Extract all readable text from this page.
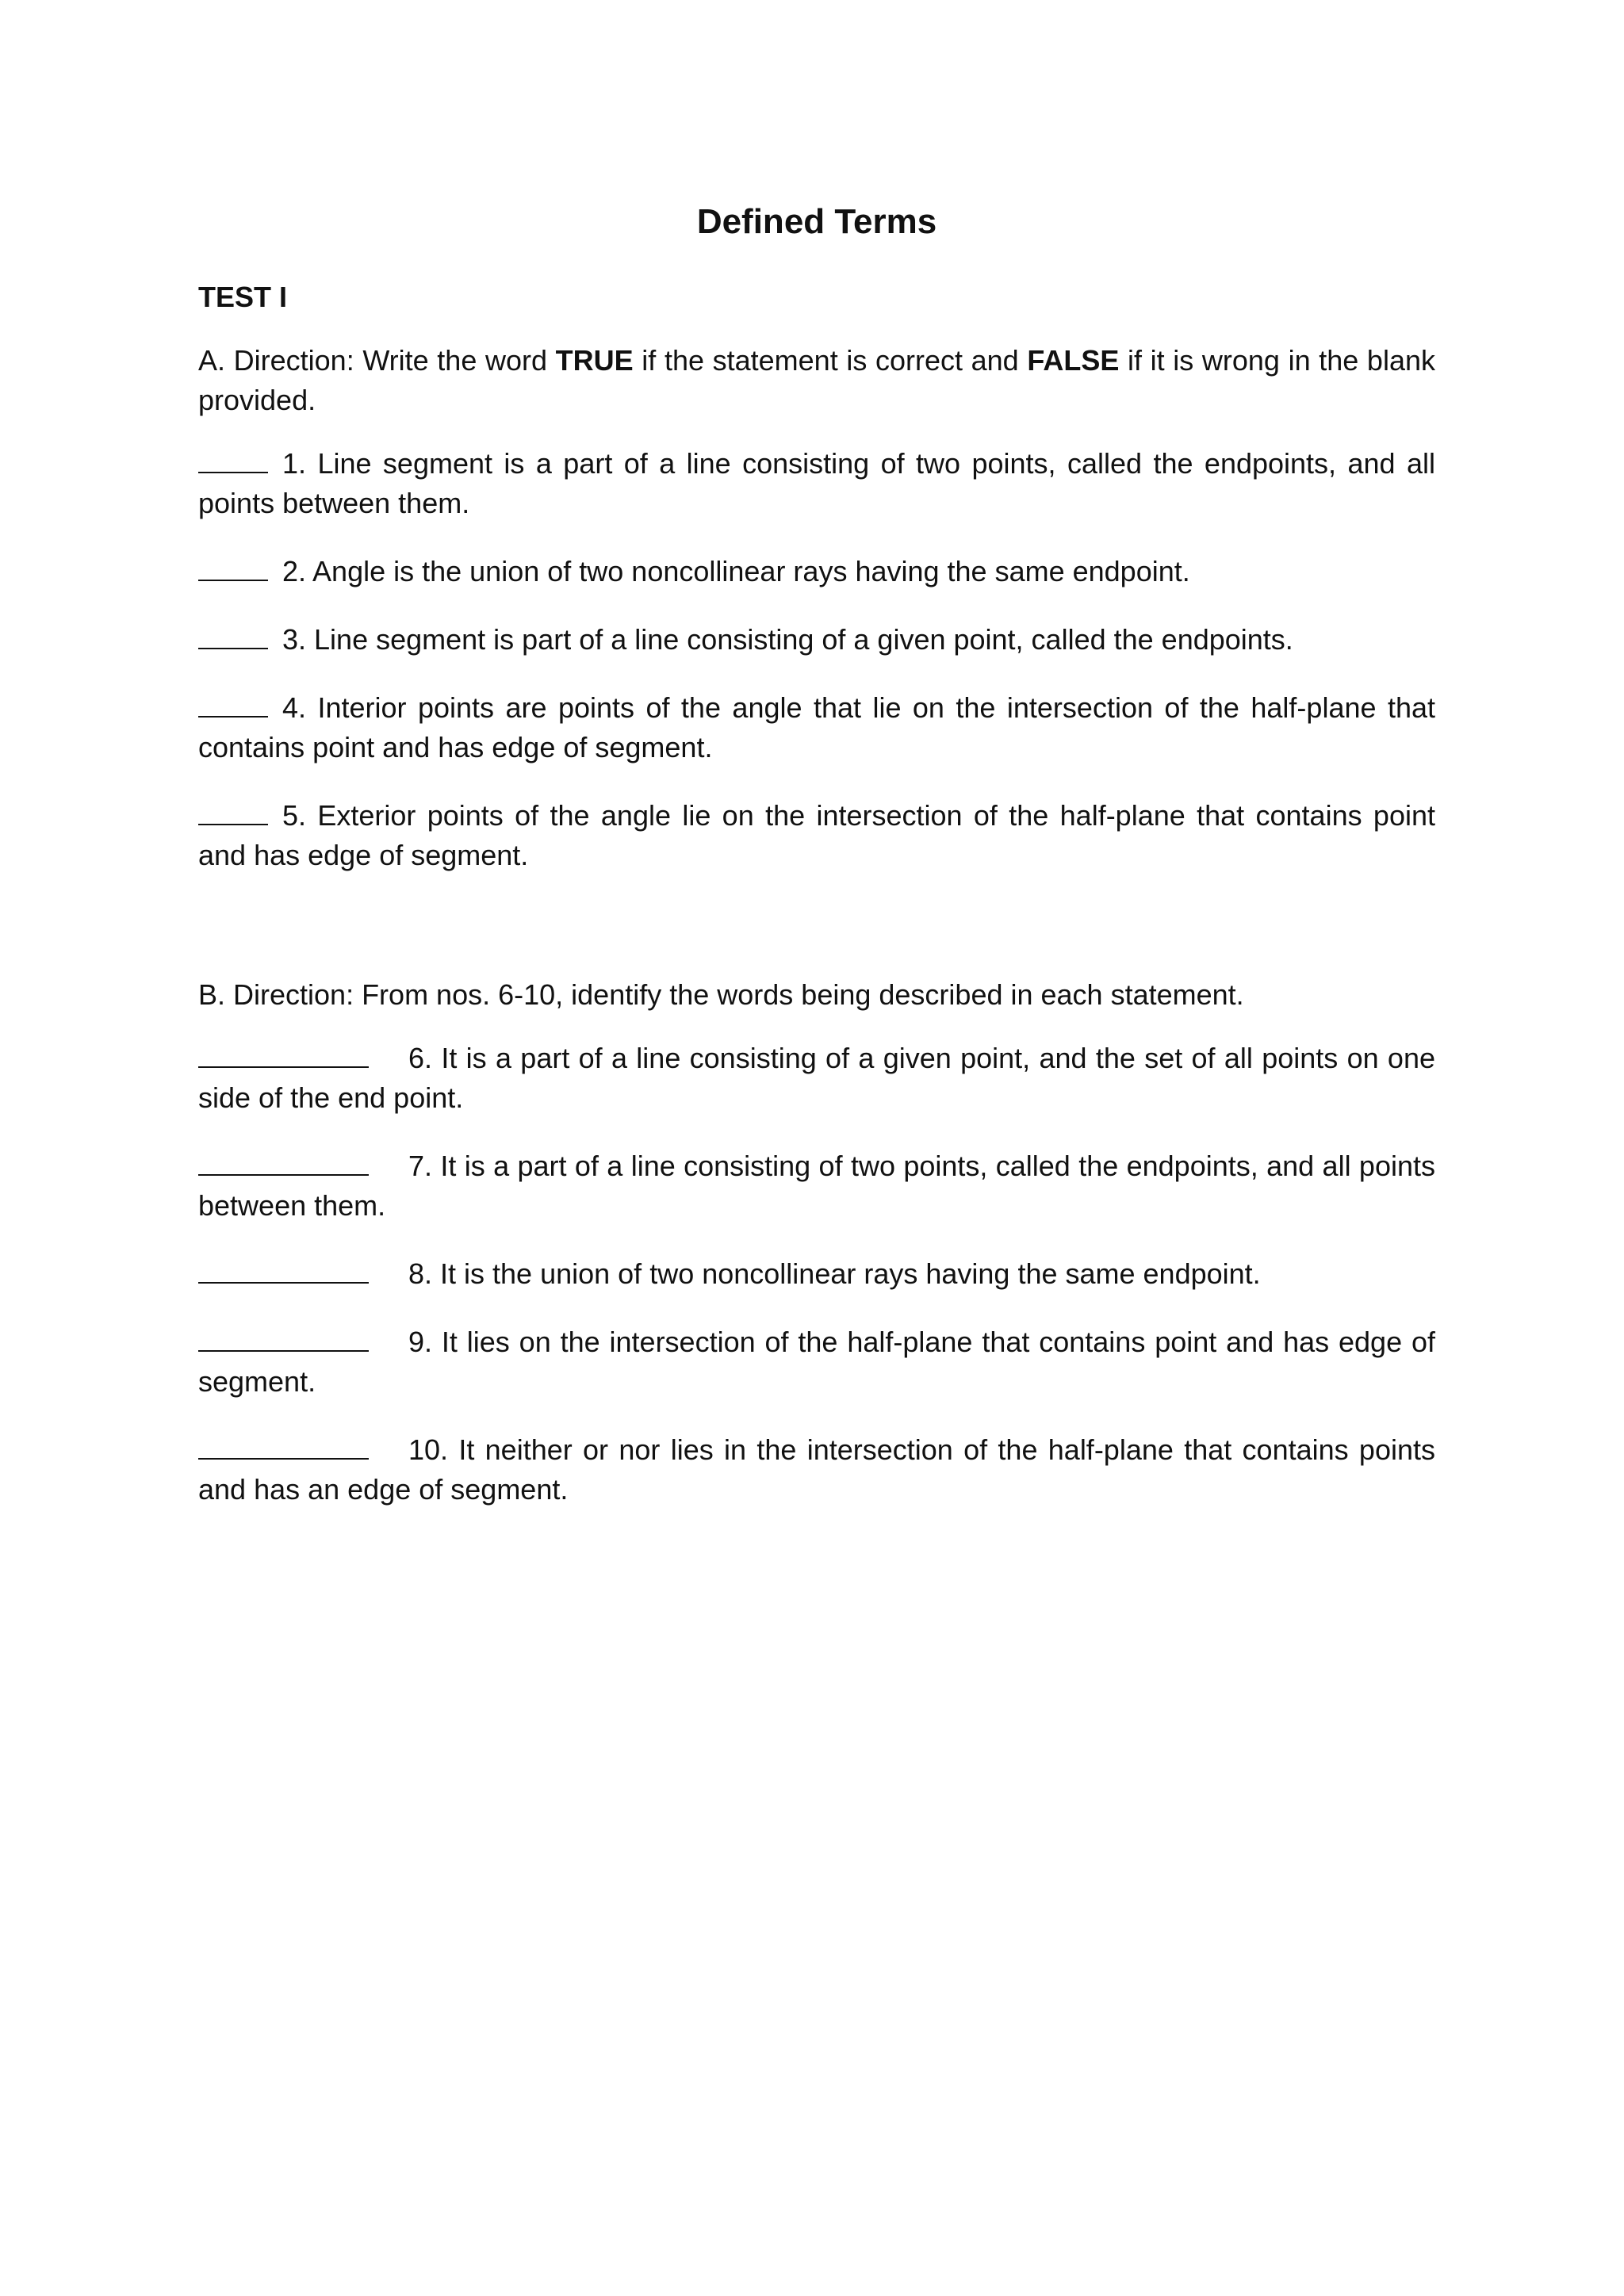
Defined Terms
TEST I
A. Direction: Write the word TRUE if the statement is correct and FALSE if it is wrong in the blank provided.
1. Line segment is a part of a line consisting of two points, called the endpoints, and all points between them.
2. Angle is the union of two noncollinear rays having the same endpoint.
3. Line segment is part of a line consisting of a given point, called the endpoints.
4. Interior points are points of the angle that lie on the intersection of the half-plane that contains point and has edge of segment.
5. Exterior points of the angle lie on the intersection of the half-plane that contains point and has edge of segment.
B. Direction: From nos. 6-10, identify the words being described in each statement.
6. It is a part of a line consisting of a given point, and the set of all points on one side of the end point.
7. It is a part of a line consisting of two points, called the endpoints, and all points between them.
8. It is the union of two noncollinear rays having the same endpoint.
9. It lies on the intersection of the half-plane that contains point and has edge of segment.
10. It neither or nor lies in the intersection of the half-plane that contains points and has an edge of segment.
